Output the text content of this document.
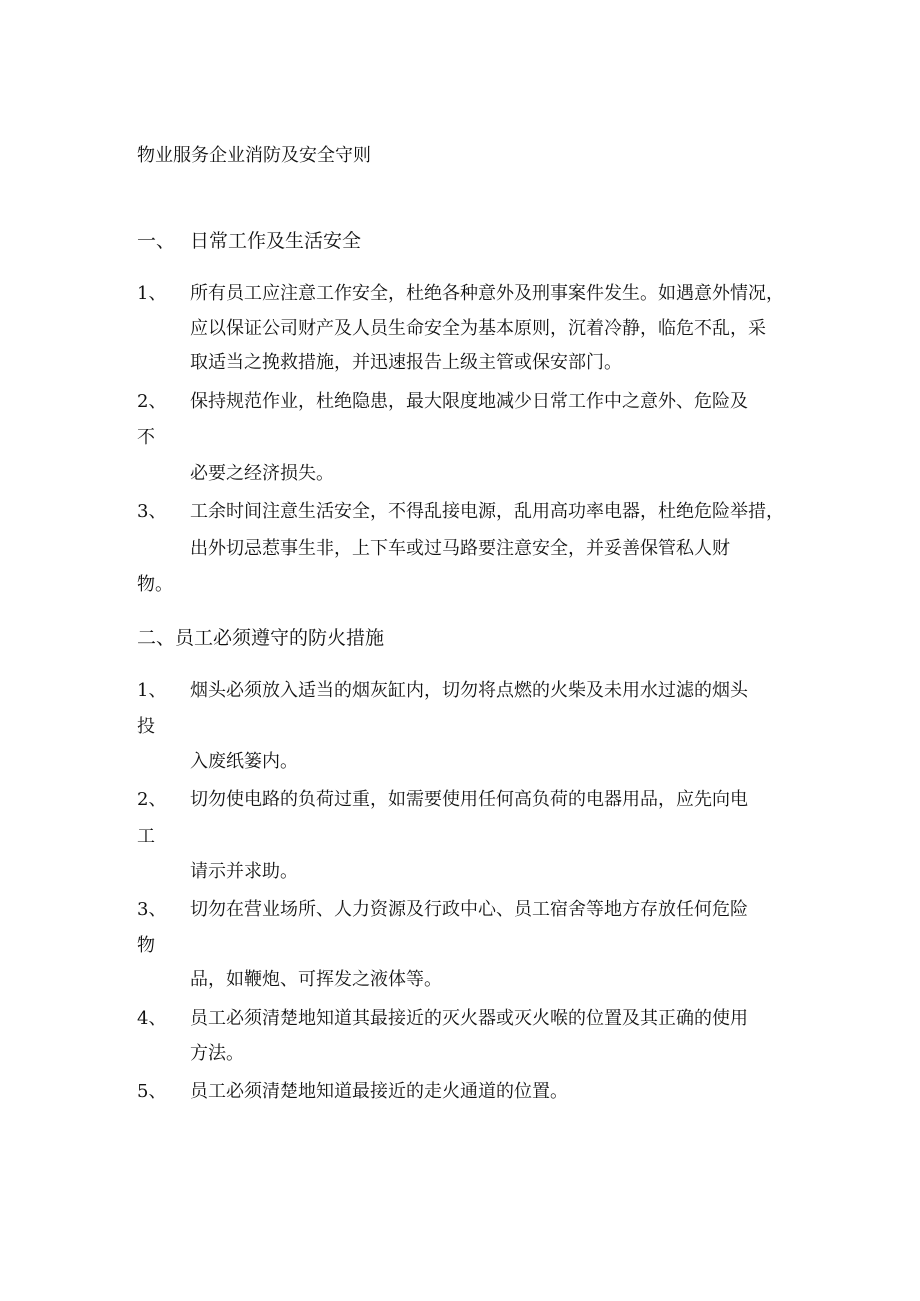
物业服务企业消防及安全守则
一、 日常工作及生活安全
1、 所有员工应注意工作安全，杜绝各种意外及刑事案件发生。如遇意外情况，
应以保证公司财产及人员生命安全为基本原则，沉着冷静，临危不乱，采
取适当之挽救措施，并迅速报告上级主管或保安部门。
2、 保持规范作业，杜绝隐患，最大限度地减少日常工作中之意外、危险及
不
必要之经济损失。
3、 工余时间注意生活安全，不得乱接电源，乱用高功率电器，杜绝危险举措，
出外切忌惹事生非，上下车或过马路要注意安全，并妥善保管私人财
物。
二、员工必须遵守的防火措施
1、 烟头必须放入适当的烟灰缸内，切勿将点燃的火柴及未用水过滤的烟头
投
入废纸篓内。
2、 切勿使电路的负荷过重，如需要使用任何高负荷的电器用品，应先向电
工
请示并求助。
3、 切勿在营业场所、人力资源及行政中心、员工宿舍等地方存放任何危险
物
品，如鞭炮、可挥发之液体等。
4、 员工必须清楚地知道其最接近的灭火器或灭火喉的位置及其正确的使用
方法。
5、 员工必须清楚地知道最接近的走火通道的位置。
